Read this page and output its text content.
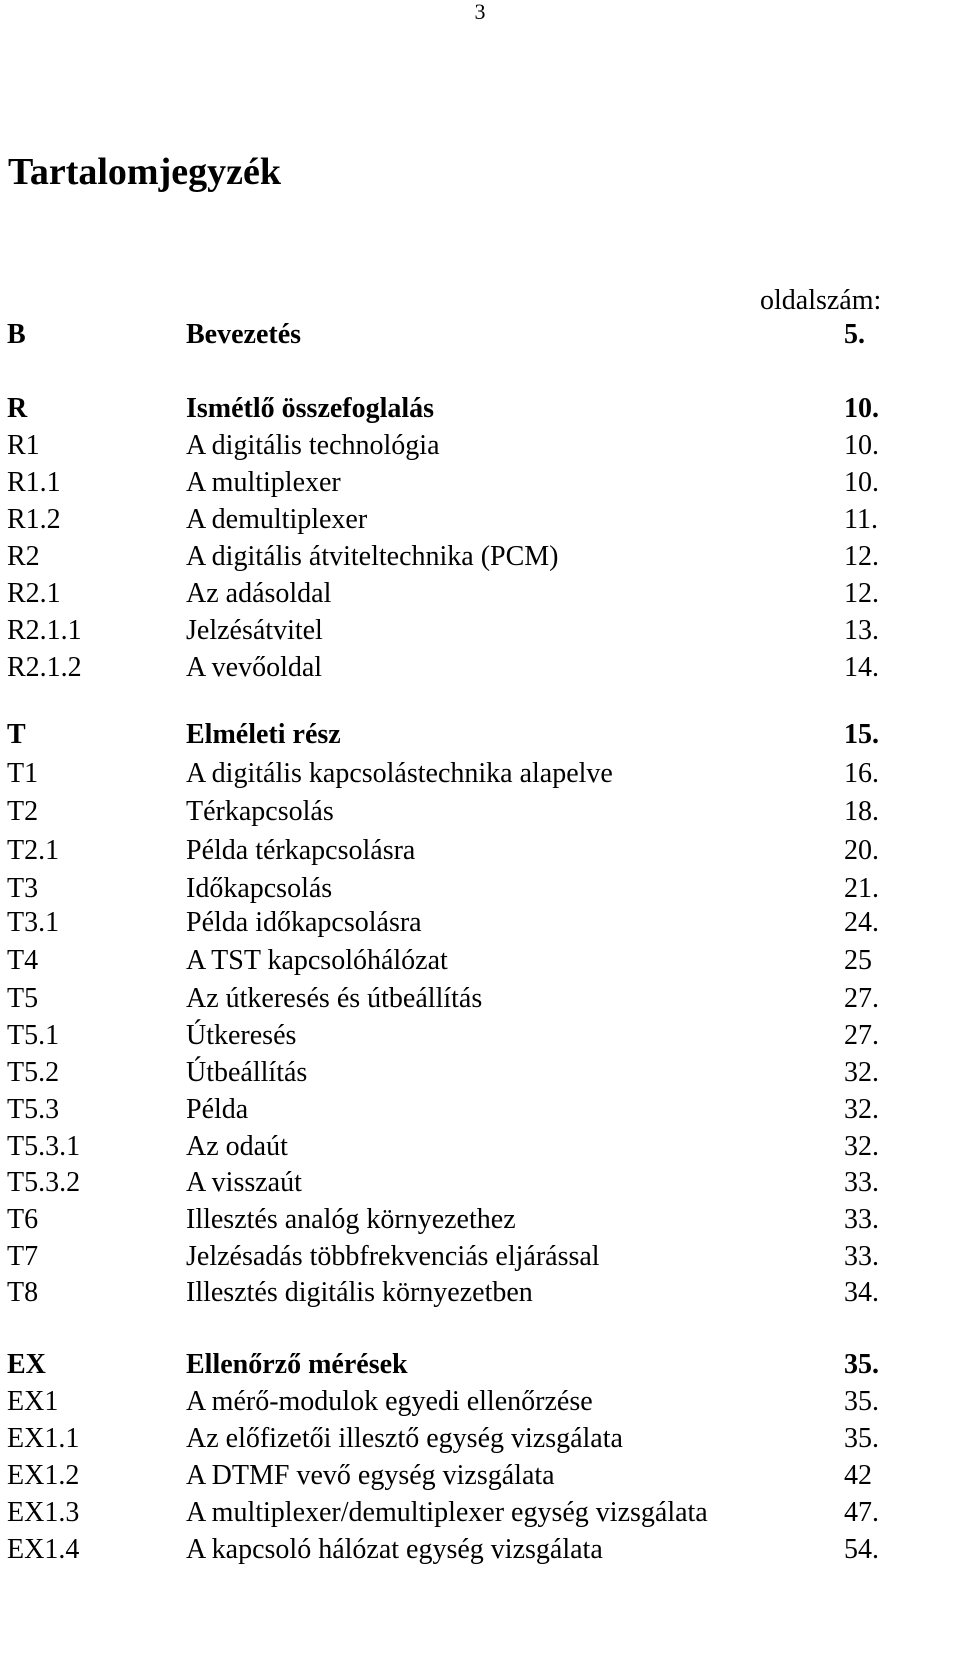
3
Tartalomjegyzék
oldalszám:
B	Bevezetés	5.
R	Ismétlő összefoglalás	10.
R1	A digitális technológia	10.
R1.1	A multiplexer	10.
R1.2	A demultiplexer	11.
R2	A digitális átviteltechnika (PCM)	12.
R2.1	Az adásoldal	12.
R2.1.1	Jelzésátvitel	13.
R2.1.2	A vevőoldal	14.
T	Elméleti rész	15.
T1	A digitális kapcsolástechnika alapelve	16.
T2	Térkapcsolás	18.
T2.1	Példa térkapcsolásra	20.
T3	Időkapcsolás	21.
T3.1	Példa időkapcsolásra	24.
T4	A TST kapcsolóhálózat	25
T5	Az útkeresés és útbeállítás	27.
T5.1	Útkeresés	27.
T5.2	Útbeállítás	32.
T5.3	Példa	32.
T5.3.1	Az odaút	32.
T5.3.2	A visszaút	33.
T6	Illesztés analóg környezethez	33.
T7	Jelzésadás többfrekvenciás eljárással	33.
T8	Illesztés digitális környezetben	34.
EX	Ellenőrző mérések	35.
EX1	A mérő-modulok egyedi ellenőrzése	35.
EX1.1	Az előfizetői illesztő egység vizsgálata	35.
EX1.2	A DTMF vevő egység vizsgálata	42
EX1.3	A multiplexer/demultiplexer egység vizsgálata	47.
EX1.4	A kapcsoló hálózat egység vizsgálata	54.
